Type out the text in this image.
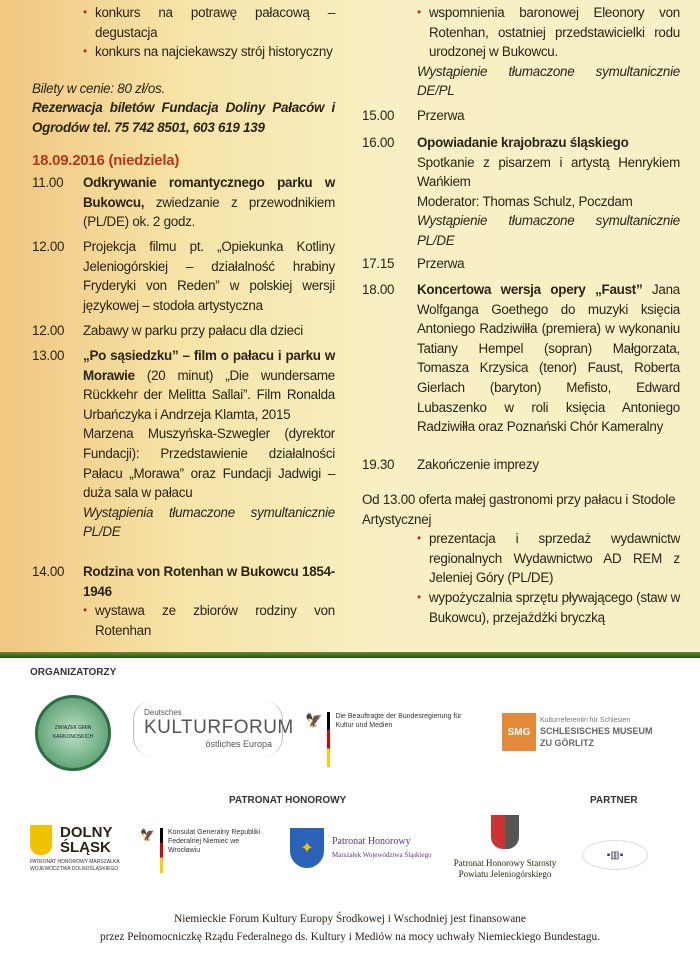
• konkurs na potrawę pałacową – degustacja
• konkurs na najciekawszy strój historyczny
Bilety w cenie: 80 zł/os.
Rezerwacja biletów Fundacja Doliny Pałaców i Ogrodów tel. 75 742 8501, 603 619 139
18.09.2016 (niedziela)
11.00	Odkrywanie romantycznego parku w Bukowcu, zwiedzanie z przewodnikiem (PL/DE) ok. 2 godz.
12.00	Projekcja filmu pt. „Opiekunka Kotliny Jeleniogórskiej – działalność hrabiny Fryderyki von Reden” w polskiej wersji językowej – stodoła artystyczna
12.00	Zabawy w parku przy pałacu dla dzieci
13.00	„Po sąsiedzku” – film o pałacu i parku w Morawie (20 minut) „Die wundersame Rückkehr der Melitta Sallai”. Film Ronalda Urbańczyka i Andrzeja Klamta, 2015
Marzena Muszyńska-Szwegler (dyrektor Fundacji): Przedstawienie działalności Pałacu „Morawa” oraz Fundacji Jadwigi – duża sala w pałacu
Wystąpienia tłumaczone symultanicznie PL/DE
14.00	Rodzina von Rotenhan w Bukowcu 1854-1946
• wystawa ze zbiorów rodziny von Rotenhan
• wspomnienia baronowej Eleonory von Rotenhan, ostatniej przedstawicielki rodu urodzonej w Bukowcu.
Wystąpienie tłumaczone symultanicznie DE/PL
15.00	Przerwa
16.00	Opowiadanie krajobrazu śląskiego
Spotkanie z pisarzem i artystą Henrykiem Wańkiem
Moderator: Thomas Schulz, Poczdam
Wystąpienie tłumaczone symultanicznie PL/DE
17.15	Przerwa
18.00	Koncertowa wersja opery „Faust” Jana Wolfganga Goethego do muzyki księcia Antoniego Radziwiłła (premiera) w wykonaniu Tatiany Hempel (sopran) Małgorzata, Tomasza Krzysica (tenor) Faust, Roberta Gierlach (baryton) Mefisto, Edward Lubaszenko w roli księcia Antoniego Radziwiłła oraz Poznański Chór Kameralny
19.30	Zakończenie imprezy
Od 13.00 oferta małej gastronomi przy pałacu i Stodole Artystycznej
• prezentacja i sprzedaż wydawnictw regionalnych Wydawnictwo AD REM z Jeleniej Góry (PL/DE)
• wypożyczalnia sprzętu pływającego (staw w Bukowcu), przejażdżki bryczką
ORGANIZATORZY
ZWIĄZEK GMIN KARKONOSKICH
Deutsches
KULTURFORUM
östliches Europa
🦅 Die Beauftragte der Bundesregierung für Kultur und Medien
SMG
Kulturreferentin für Schlesien
SCHLESISCHES MUSEUM
ZU GÖRLITZ
PATRONAT HONOROWY	PARTNER
DOLNY
ŚLĄSK
PATRONAT HONOROWY MARSZAŁKA WOJEWÓDZTWA DOLNOŚLĄSKIEGO
🦅 Konsulat Generalny Republiki Federalnej Niemiec we Wrocławiu	✦	Patronat Honorowy
Marszałek Województwa Śląskiego
Patronat Honorowy Starosty Powiatu Jeleniogórskiego
▪▥▪
Niemieckie Forum Kultury Europy Środkowej i Wschodniej jest finansowane
przez Pełnomocniczkę Rządu Federalnego ds. Kultury i Mediów na mocy uchwały Niemieckiego Bundestagu.
